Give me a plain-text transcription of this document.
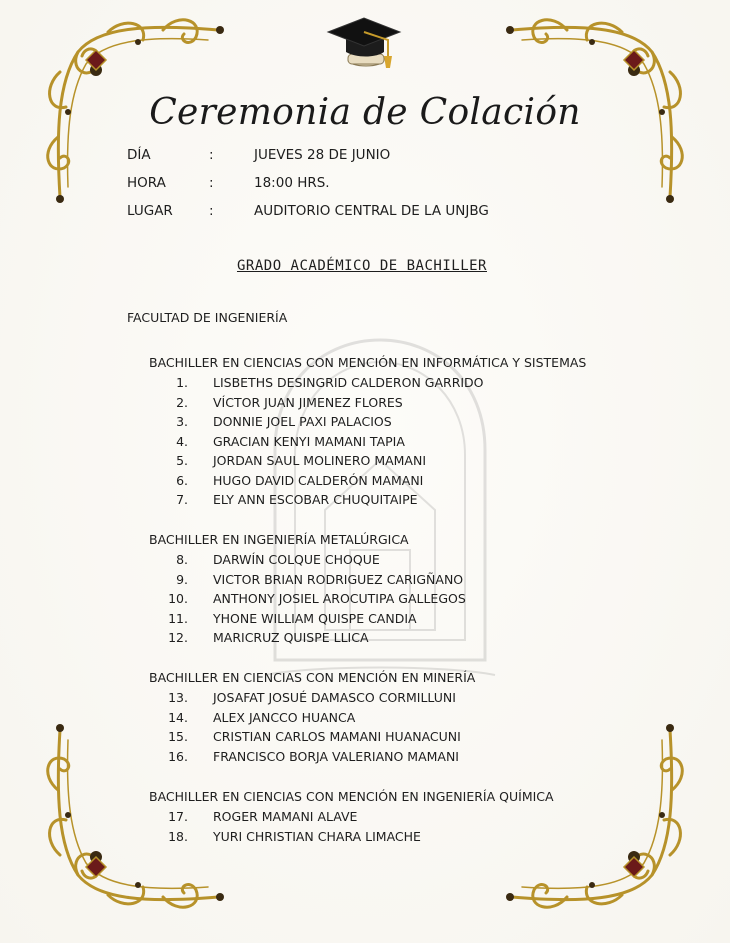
Ceremonia de Colación
DÍA	:	JUEVES 28 DE JUNIO
HORA	:	18:00 HRS.
LUGAR	:	AUDITORIO CENTRAL DE LA UNJBG
GRADO ACADÉMICO DE BACHILLER
FACULTAD DE INGENIERÍA
BACHILLER EN CIENCIAS CON MENCIÓN EN INFORMÁTICA Y SISTEMAS
1. LISBETHS DESINGRID CALDERON GARRIDO
2. VÍCTOR JUAN JIMENEZ FLORES
3. DONNIE JOEL PAXI PALACIOS
4. GRACIAN KENYI MAMANI TAPIA
5. JORDAN SAUL MOLINERO MAMANI
6. HUGO DAVID CALDERÓN MAMANI
7. ELY ANN ESCOBAR CHUQUITAIPE
BACHILLER EN INGENIERÍA METALÚRGICA
8. DARWÍN COLQUE CHOQUE
9. VICTOR BRIAN RODRIGUEZ CARIGÑANO
10. ANTHONY JOSIEL AROCUTIPA GALLEGOS
11. YHONE WILLIAM QUISPE CANDIA
12. MARICRUZ QUISPE LLICA
BACHILLER EN CIENCIAS CON MENCIÓN EN MINERÍA
13. JOSAFAT JOSUÉ DAMASCO CORMILLUNI
14. ALEX JANCCO HUANCA
15. CRISTIAN CARLOS MAMANI HUANACUNI
16. FRANCISCO BORJA VALERIANO MAMANI
BACHILLER EN CIENCIAS CON MENCIÓN EN INGENIERÍA QUÍMICA
17. ROGER MAMANI ALAVE
18. YURI CHRISTIAN CHARA LIMACHE
